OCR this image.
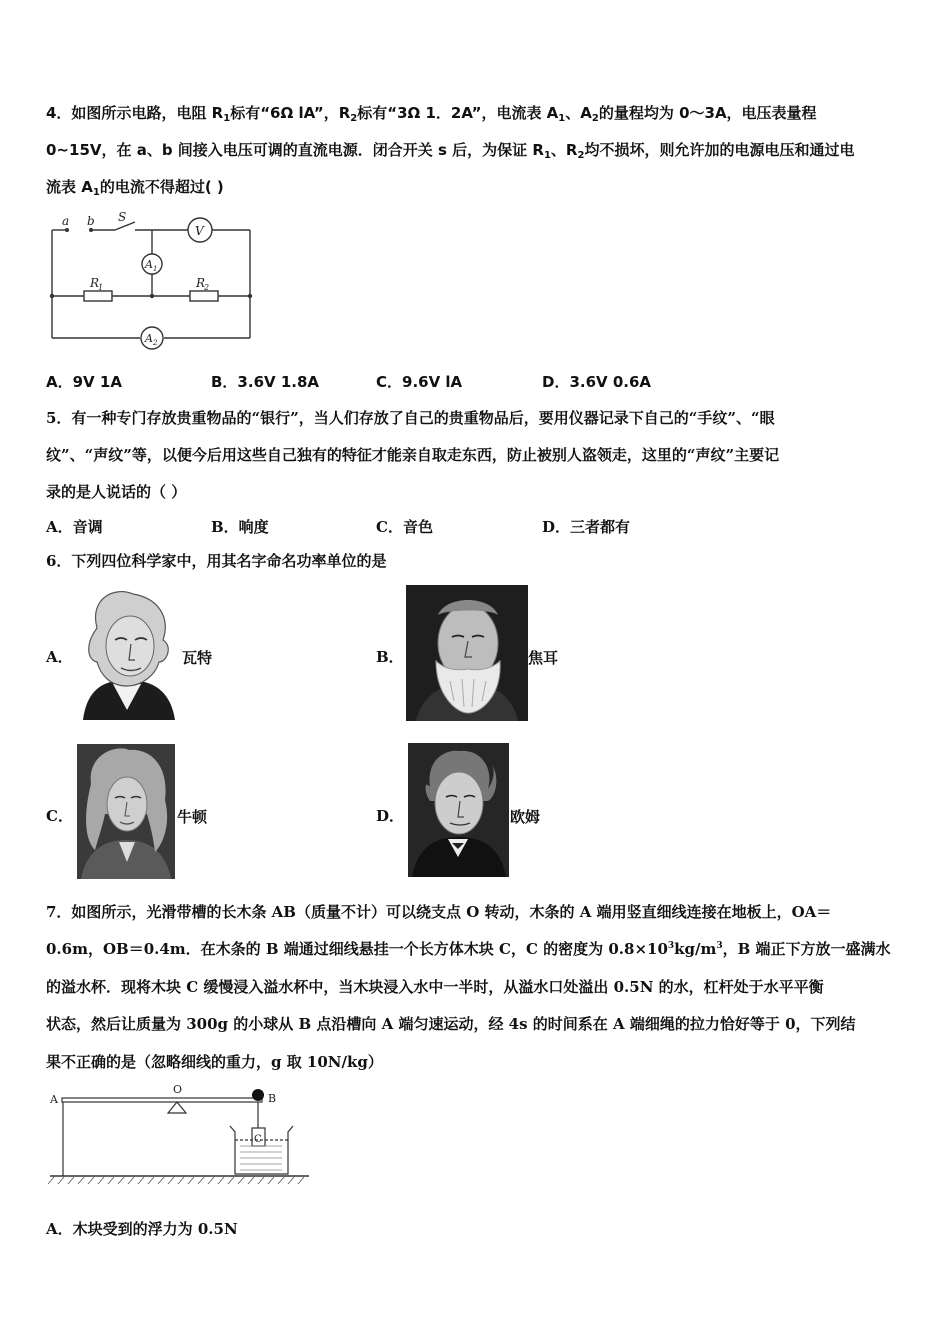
4．如图所示电路，电阻 $R_1$标有“6Ω lA”，$R_2$标有“3Ω 1．2A”，电流表 $A_1$、$A_2$的量程均为 0～3A，电压表量程
0~15V，在 a、b 间接入电压可调的直流电源．闭合开关 s 后，为保证 $R_1$、$R_2$均不损坏，则允许加的电源电压和通过电
流表 $A_1$的电流不得超过( )
a b S
V
A 1
R
1	R
2
A 2
A．9V 1A	B．3.6V 1.8A	C．9.6V lA	D．3.6V 0.6A
5．有一种专门存放贵重物品的“银行”，当人们存放了自己的贵重物品后，要用仪器记录下自己的“手纹”、“眼
纹”、“声纹”等，以便今后用这些自己独有的特征才能亲自取走东西，防止被别人盗领走，这里的“声纹”主要记
录的是人说话的（ ）
A．音调	B．响度	C．音色	D．三者都有
6．下列四位科学家中，用其名字命名功率单位的是
A．	瓦特	B．	焦耳
C．	牛顿	D．	欧姆
7．如图所示，光滑带槽的长木条 AB（质量不计）可以绕支点 O 转动，木条的 A 端用竖直细线连接在地板上，OA＝
0.6m，OB＝0.4m．在木条的 B 端通过细线悬挂一个长方体木块 C，C 的密度为 $0.8\times 10^3kg/m^3$，B 端正下方放一盛满水
的溢水杯．现将木块 C 缓慢浸入溢水杯中，当木块浸入水中一半时，从溢水口处溢出 0.5N 的水，杠杆处于水平平衡
状态，然后让质量为 300g 的小球从 B 点沿槽向 A 端匀速运动，经 4s 的时间系在 A 端细绳的拉力恰好等于 0，下列结
果不正确的是（忽略细线的重力，g 取 10N/kg）
A
O
B
C
A．木块受到的浮力为 0.5N
